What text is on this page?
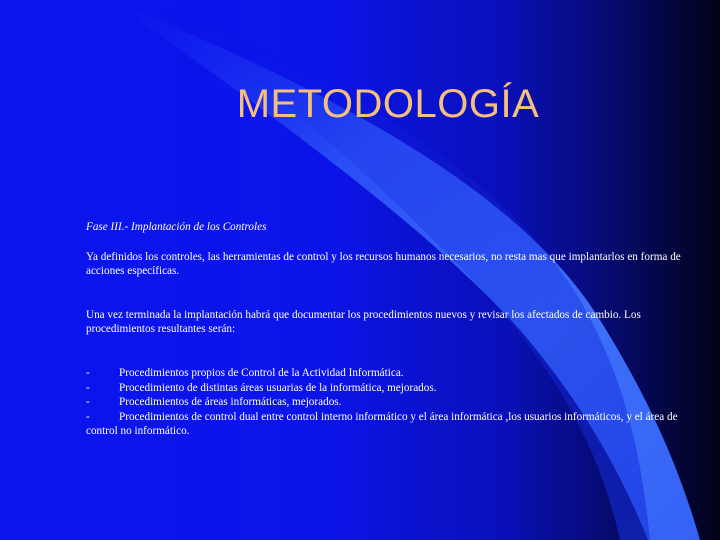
METODOLOGÍA

Fase III.- Implantación de los Controles

Ya definidos los controles, las herramientas de control y los recursos humanos necesarios, no resta mas que implantarlos en forma de acciones específicas.

Una vez terminada la implantación habrá que documentar los procedimientos nuevos y revisar los afectados de cambio. Los procedimientos resultantes serán:

-	Procedimientos propios de Control de la Actividad Informática.
-	Procedimiento de distintas áreas usuarias de la informática, mejorados.
-	Procedimientos de áreas informáticas, mejorados.
-	Procedimientos de control dual entre control interno informático y el área informática ,los usuarios informáticos, y el área de control no informático.
